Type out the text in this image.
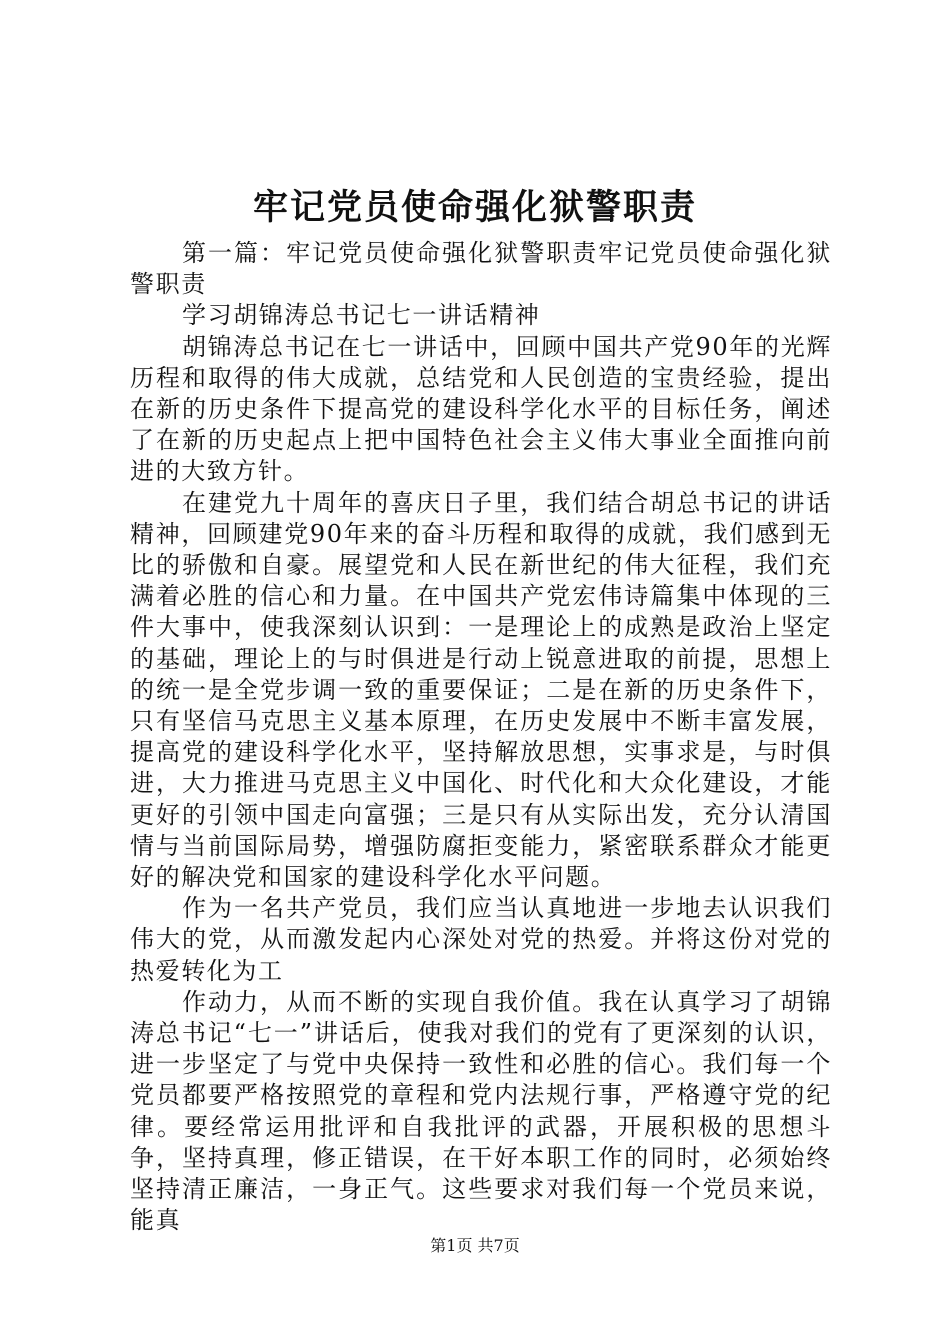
牢记党员使命强化狱警职责

第一篇：牢记党员使命强化狱警职责牢记党员使命强化狱警职责

学习胡锦涛总书记七一讲话精神

胡锦涛总书记在七一讲话中，回顾中国共产党90年的光辉历程和取得的伟大成就，总结党和人民创造的宝贵经验，提出在新的历史条件下提高党的建设科学化水平的目标任务，阐述了在新的历史起点上把中国特色社会主义伟大事业全面推向前进的大致方针。

在建党九十周年的喜庆日子里，我们结合胡总书记的讲话精神，回顾建党90年来的奋斗历程和取得的成就，我们感到无比的骄傲和自豪。展望党和人民在新世纪的伟大征程，我们充满着必胜的信心和力量。在中国共产党宏伟诗篇集中体现的三件大事中，使我深刻认识到：一是理论上的成熟是政治上坚定的基础，理论上的与时俱进是行动上锐意进取的前提，思想上的统一是全党步调一致的重要保证；二是在新的历史条件下，只有坚信马克思主义基本原理，在历史发展中不断丰富发展，提高党的建设科学化水平，坚持解放思想，实事求是，与时俱进，大力推进马克思主义中国化、时代化和大众化建设，才能更好的引领中国走向富强；三是只有从实际出发，充分认清国情与当前国际局势，增强防腐拒变能力，紧密联系群众才能更好的解决党和国家的建设科学化水平问题。

作为一名共产党员，我们应当认真地进一步地去认识我们伟大的党，从而激发起内心深处对党的热爱。并将这份对党的热爱转化为工

作动力，从而不断的实现自我价值。我在认真学习了胡锦涛总书记“七一”讲话后，使我对我们的党有了更深刻的认识，进一步坚定了与党中央保持一致性和必胜的信心。我们每一个党员都要严格按照党的章程和党内法规行事，严格遵守党的纪律。要经常运用批评和自我批评的武器，开展积极的思想斗争，坚持真理，修正错误，在干好本职工作的同时，必须始终坚持清正廉洁，一身正气。这些要求对我们每一个党员来说，能真

第1页 共7页
